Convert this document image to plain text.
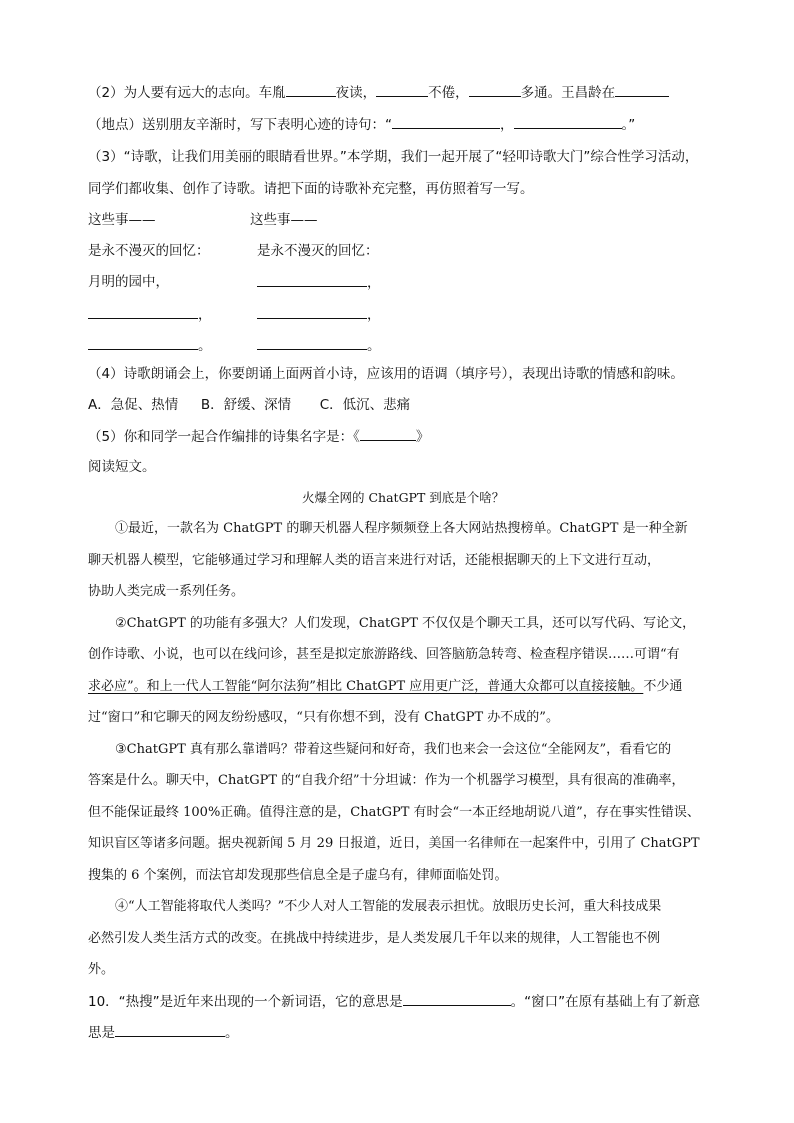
（2）为人要有远大的志向。车胤	夜读，	不倦，	多通。王昌龄在
（地点）送别朋友辛渐时，写下表明心迹的诗句：“	，	。”
（3）“诗歌，让我们用美丽的眼睛看世界。”本学期，我们一起开展了“轻叩诗歌大门”综合性学习活动，
同学们都收集、创作了诗歌。请把下面的诗歌补充完整，再仿照着写一写。
这些事——	这些事——
是永不漫灭的回忆：	是永不漫灭的回忆：
月明的园中，	，
，	，
。	。
（4）诗歌朗诵会上，你要朗诵上面两首小诗，应该用的语调（填序号），表现出诗歌的情感和韵味。
A．急促、热情 B．舒缓、深情 C．低沉、悲痛
（5）你和同学一起合作编排的诗集名字是：《	》
阅读短文。
火爆全网的 ChatGPT 到底是个啥？
①最近，一款名为 ChatGPT 的聊天机器人程序频频登上各大网站热搜榜单。ChatGPT 是一种全新
聊天机器人模型，它能够通过学习和理解人类的语言来进行对话，还能根据聊天的上下文进行互动，
协助人类完成一系列任务。
②ChatGPT 的功能有多强大？人们发现，ChatGPT 不仅仅是个聊天工具，还可以写代码、写论文，
创作诗歌、小说，也可以在线问诊，甚至是拟定旅游路线、回答脑筋急转弯、检查程序错误……可谓“有
求必应”。和上一代人工智能“阿尔法狗”相比 ChatGPT 应用更广泛，普通大众都可以直接接触。不少通
过“窗口”和它聊天的网友纷纷感叹，“只有你想不到，没有 ChatGPT 办不成的”。
③ChatGPT 真有那么靠谱吗？带着这些疑问和好奇，我们也来会一会这位“全能网友”，看看它的
答案是什么。聊天中，ChatGPT 的“自我介绍”十分坦诚：作为一个机器学习模型，具有很高的准确率，
但不能保证最终 100%正确。值得注意的是，ChatGPT 有时会“一本正经地胡说八道”，存在事实性错误、
知识盲区等诸多问题。据央视新闻 5 月 29 日报道，近日，美国一名律师在一起案件中，引用了 ChatGPT
搜集的 6 个案例，而法官却发现那些信息全是子虚乌有，律师面临处罚。
④“人工智能将取代人类吗？”不少人对人工智能的发展表示担忧。放眼历史长河，重大科技成果
必然引发人类生活方式的改变。在挑战中持续进步，是人类发展几千年以来的规律，人工智能也不例
外。
10．“热搜”是近年来出现的一个新词语，它的意思是	。“窗口”在原有基础上有了新意
思是	。
